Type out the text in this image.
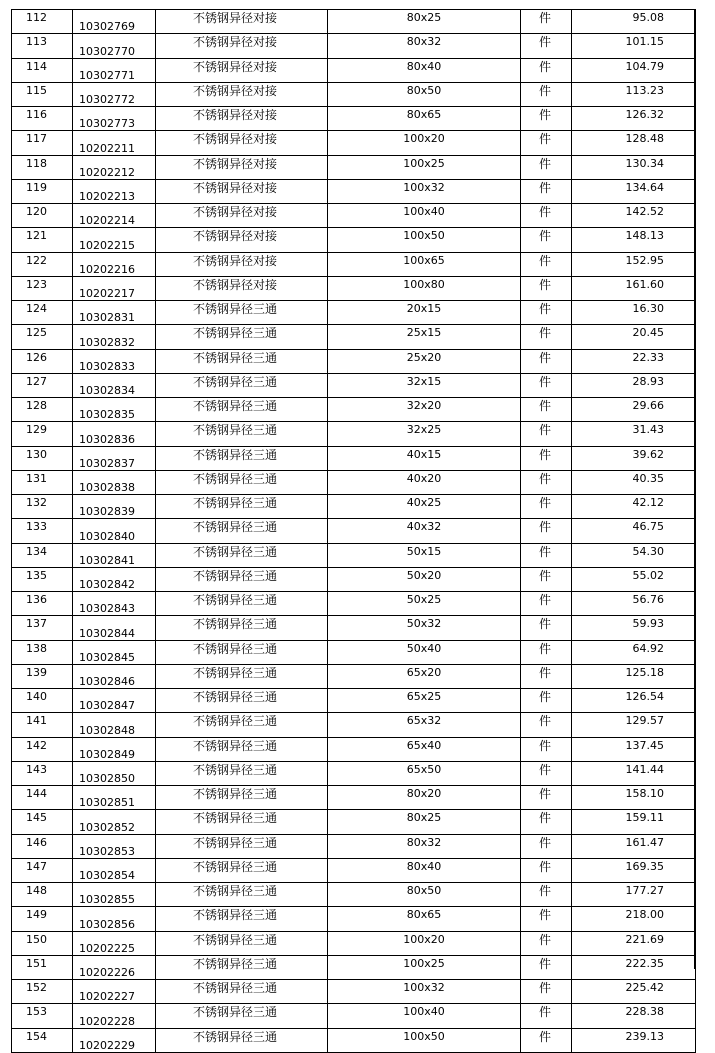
112	10302769	不锈钢异径对接	80x25	件	95.08
113	10302770	不锈钢异径对接	80x32	件	101.15
114	10302771	不锈钢异径对接	80x40	件	104.79
115	10302772	不锈钢异径对接	80x50	件	113.23
116	10302773	不锈钢异径对接	80x65	件	126.32
117	10202211	不锈钢异径对接	100x20	件	128.48
118	10202212	不锈钢异径对接	100x25	件	130.34
119	10202213	不锈钢异径对接	100x32	件	134.64
120	10202214	不锈钢异径对接	100x40	件	142.52
121	10202215	不锈钢异径对接	100x50	件	148.13
122	10202216	不锈钢异径对接	100x65	件	152.95
123	10202217	不锈钢异径对接	100x80	件	161.60
124	10302831	不锈钢异径三通	20x15	件	16.30
125	10302832	不锈钢异径三通	25x15	件	20.45
126	10302833	不锈钢异径三通	25x20	件	22.33
127	10302834	不锈钢异径三通	32x15	件	28.93
128	10302835	不锈钢异径三通	32x20	件	29.66
129	10302836	不锈钢异径三通	32x25	件	31.43
130	10302837	不锈钢异径三通	40x15	件	39.62
131	10302838	不锈钢异径三通	40x20	件	40.35
132	10302839	不锈钢异径三通	40x25	件	42.12
133	10302840	不锈钢异径三通	40x32	件	46.75
134	10302841	不锈钢异径三通	50x15	件	54.30
135	10302842	不锈钢异径三通	50x20	件	55.02
136	10302843	不锈钢异径三通	50x25	件	56.76
137	10302844	不锈钢异径三通	50x32	件	59.93
138	10302845	不锈钢异径三通	50x40	件	64.92
139	10302846	不锈钢异径三通	65x20	件	125.18
140	10302847	不锈钢异径三通	65x25	件	126.54
141	10302848	不锈钢异径三通	65x32	件	129.57
142	10302849	不锈钢异径三通	65x40	件	137.45
143	10302850	不锈钢异径三通	65x50	件	141.44
144	10302851	不锈钢异径三通	80x20	件	158.10
145	10302852	不锈钢异径三通	80x25	件	159.11
146	10302853	不锈钢异径三通	80x32	件	161.47
147	10302854	不锈钢异径三通	80x40	件	169.35
148	10302855	不锈钢异径三通	80x50	件	177.27
149	10302856	不锈钢异径三通	80x65	件	218.00
150	10202225	不锈钢异径三通	100x20	件	221.69
151	10202226	不锈钢异径三通	100x25	件	222.35
152	10202227	不锈钢异径三通	100x32	件	225.42
153	10202228	不锈钢异径三通	100x40	件	228.38
154	10202229	不锈钢异径三通	100x50	件	239.13
